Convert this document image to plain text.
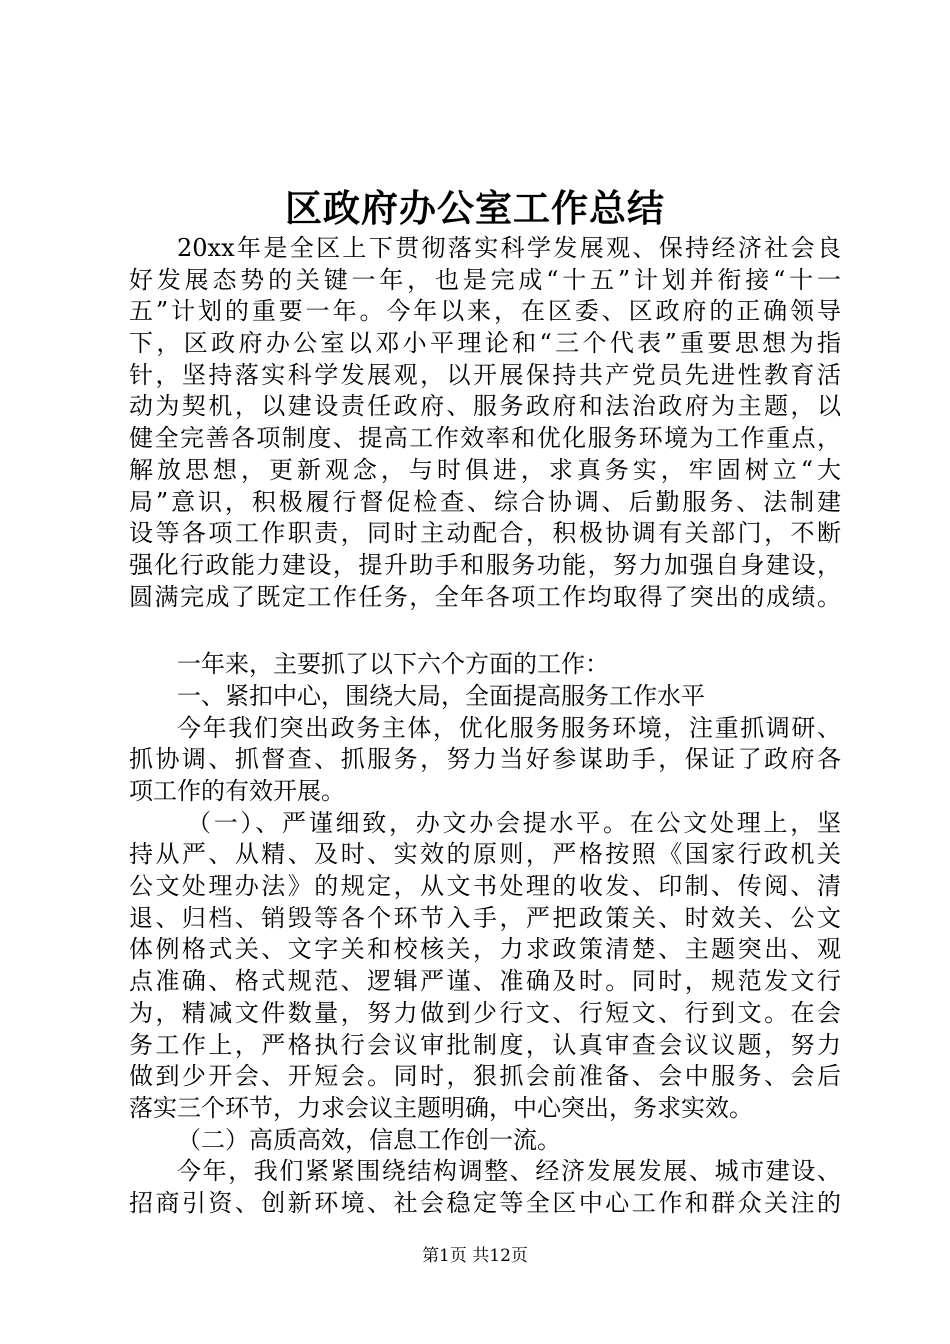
区政府办公室工作总结
20xx年是全区上下贯彻落实科学发展观、保持经济社会良
好发展态势的关键一年，也是完成“十五”计划并衔接“十一
五”计划的重要一年。今年以来，在区委、区政府的正确领导
下，区政府办公室以邓小平理论和“三个代表”重要思想为指
针，坚持落实科学发展观，以开展保持共产党员先进性教育活
动为契机，以建设责任政府、服务政府和法治政府为主题，以
健全完善各项制度、提高工作效率和优化服务环境为工作重点，
解放思想，更新观念，与时俱进，求真务实，牢固树立“大
局”意识，积极履行督促检查、综合协调、后勤服务、法制建
设等各项工作职责，同时主动配合，积极协调有关部门，不断
强化行政能力建设，提升助手和服务功能，努力加强自身建设，
圆满完成了既定工作任务，全年各项工作均取得了突出的成绩。
一年来，主要抓了以下六个方面的工作：
一、紧扣中心，围绕大局，全面提高服务工作水平
今年我们突出政务主体，优化服务服务环境，注重抓调研、
抓协调、抓督查、抓服务，努力当好参谋助手，保证了政府各
项工作的有效开展。
（一）、严谨细致，办文办会提水平。在公文处理上，坚
持从严、从精、及时、实效的原则，严格按照《国家行政机关
公文处理办法》的规定，从文书处理的收发、印制、传阅、清
退、归档、销毁等各个环节入手，严把政策关、时效关、公文
体例格式关、文字关和校核关，力求政策清楚、主题突出、观
点准确、格式规范、逻辑严谨、准确及时。同时，规范发文行
为，精减文件数量，努力做到少行文、行短文、行到文。在会
务工作上，严格执行会议审批制度，认真审查会议议题，努力
做到少开会、开短会。同时，狠抓会前准备、会中服务、会后
落实三个环节，力求会议主题明确，中心突出，务求实效。
（二）高质高效，信息工作创一流。
今年，我们紧紧围绕结构调整、经济发展发展、城市建设、
招商引资、创新环境、社会稳定等全区中心工作和群众关注的
第1页 共12页
